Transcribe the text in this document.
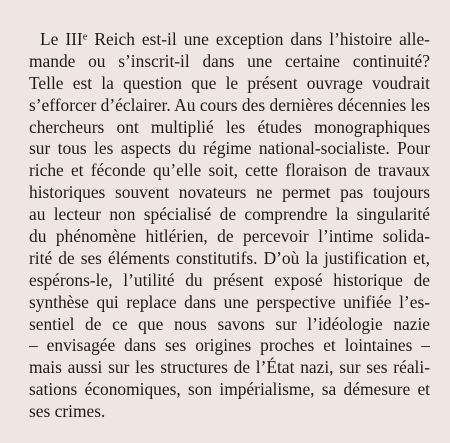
Le IIIe Reich est-il une exception dans l’histoire alle-
mande ou s’inscrit-il dans une certaine continuité?
Telle est la question que le présent ouvrage voudrait
s’efforcer d’éclairer. Au cours des dernières décennies les
chercheurs ont multiplié les études monographiques
sur tous les aspects du régime national-socialiste. Pour
riche et féconde qu’elle soit, cette floraison de travaux
historiques souvent novateurs ne permet pas toujours
au lecteur non spécialisé de comprendre la singularité
du phénomène hitlérien, de percevoir l’intime solida-
rité de ses éléments constitutifs. D’où la justification et,
espérons-le, l’utilité du présent exposé historique de
synthèse qui replace dans une perspective unifiée l’es-
sentiel de ce que nous savons sur l’idéologie nazie
– envisagée dans ses origines proches et lointaines –
mais aussi sur les structures de l’État nazi, sur ses réali-
sations économiques, son impérialisme, sa démesure et
ses crimes.
